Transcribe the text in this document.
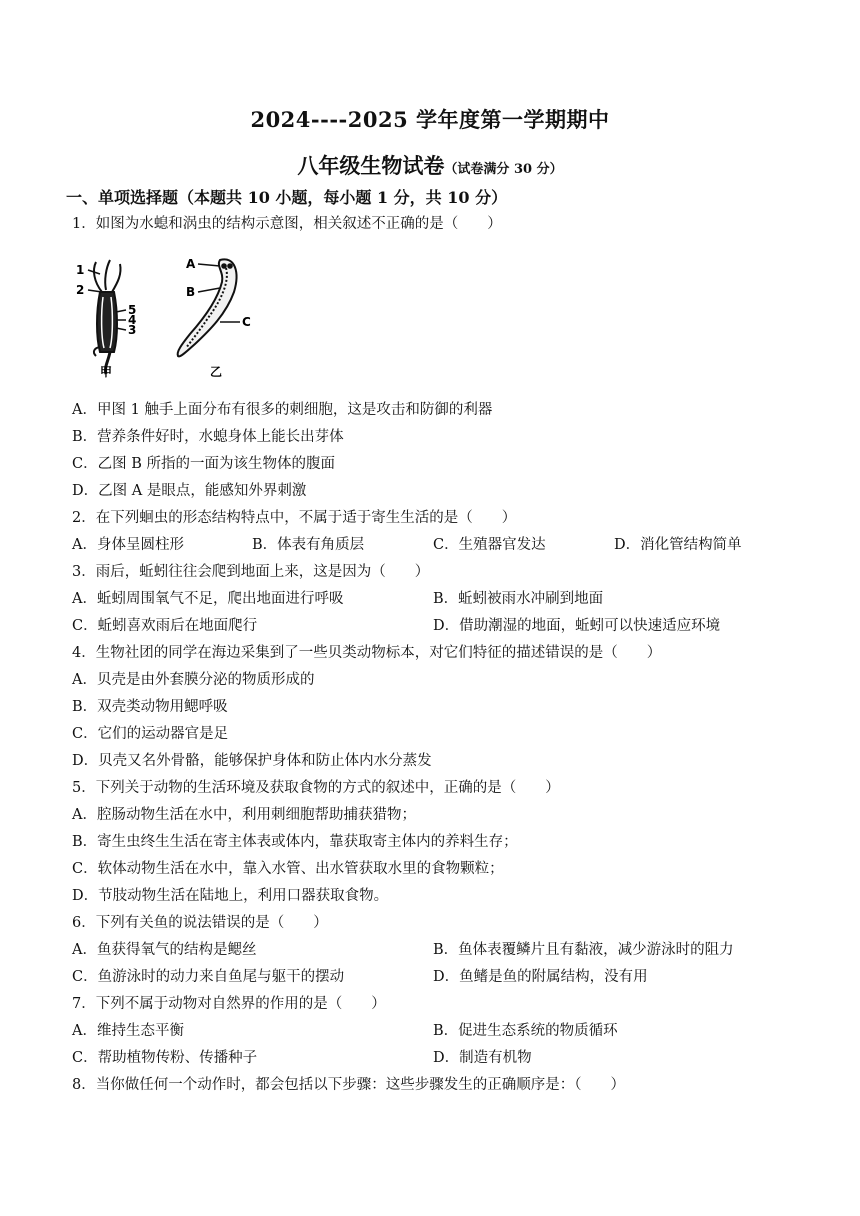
2024----2025 学年度第一学期期中
八年级生物试卷（试卷满分 30 分）
一、单项选择题（本题共 10 小题，每小题 1 分，共 10 分）
1．如图为水螅和涡虫的结构示意图，相关叙述不正确的是（　　）
1
2
5
4
3
甲
A
B
C
乙
A．甲图 1 触手上面分布有很多的刺细胞，这是攻击和防御的利器
B．营养条件好时，水螅身体上能长出芽体
C．乙图 B 所指的一面为该生物体的腹面
D．乙图 A 是眼点，能感知外界刺激
2．在下列蛔虫的形态结构特点中，不属于适于寄生生活的是（　　）
A．身体呈圆柱形	B．体表有角质层	C．生殖器官发达	D．消化管结构简单
3．雨后，蚯蚓往往会爬到地面上来，这是因为（　　）
A．蚯蚓周围氧气不足，爬出地面进行呼吸	B．蚯蚓被雨水冲刷到地面
C．蚯蚓喜欢雨后在地面爬行	D．借助潮湿的地面，蚯蚓可以快速适应环境
4．生物社团的同学在海边采集到了一些贝类动物标本，对它们特征的描述错误的是（　　）
A．贝壳是由外套膜分泌的物质形成的
B．双壳类动物用鳃呼吸
C．它们的运动器官是足
D．贝壳又名外骨骼，能够保护身体和防止体内水分蒸发
5．下列关于动物的生活环境及获取食物的方式的叙述中，正确的是（　　）
A．腔肠动物生活在水中，利用刺细胞帮助捕获猎物；
B．寄生虫终生生活在寄主体表或体内，靠获取寄主体内的养料生存；
C．软体动物生活在水中，靠入水管、出水管获取水里的食物颗粒；
D．节肢动物生活在陆地上，利用口器获取食物。
6．下列有关鱼的说法错误的是（　　）
A．鱼获得氧气的结构是鳃丝	B．鱼体表覆鳞片且有黏液，减少游泳时的阻力
C．鱼游泳时的动力来自鱼尾与躯干的摆动	D．鱼鳍是鱼的附属结构，没有用
7．下列不属于动物对自然界的作用的是（　　）
A．维持生态平衡	B．促进生态系统的物质循环
C．帮助植物传粉、传播种子	D．制造有机物
8．当你做任何一个动作时，都会包括以下步骤：这些步骤发生的正确顺序是：（　　）
